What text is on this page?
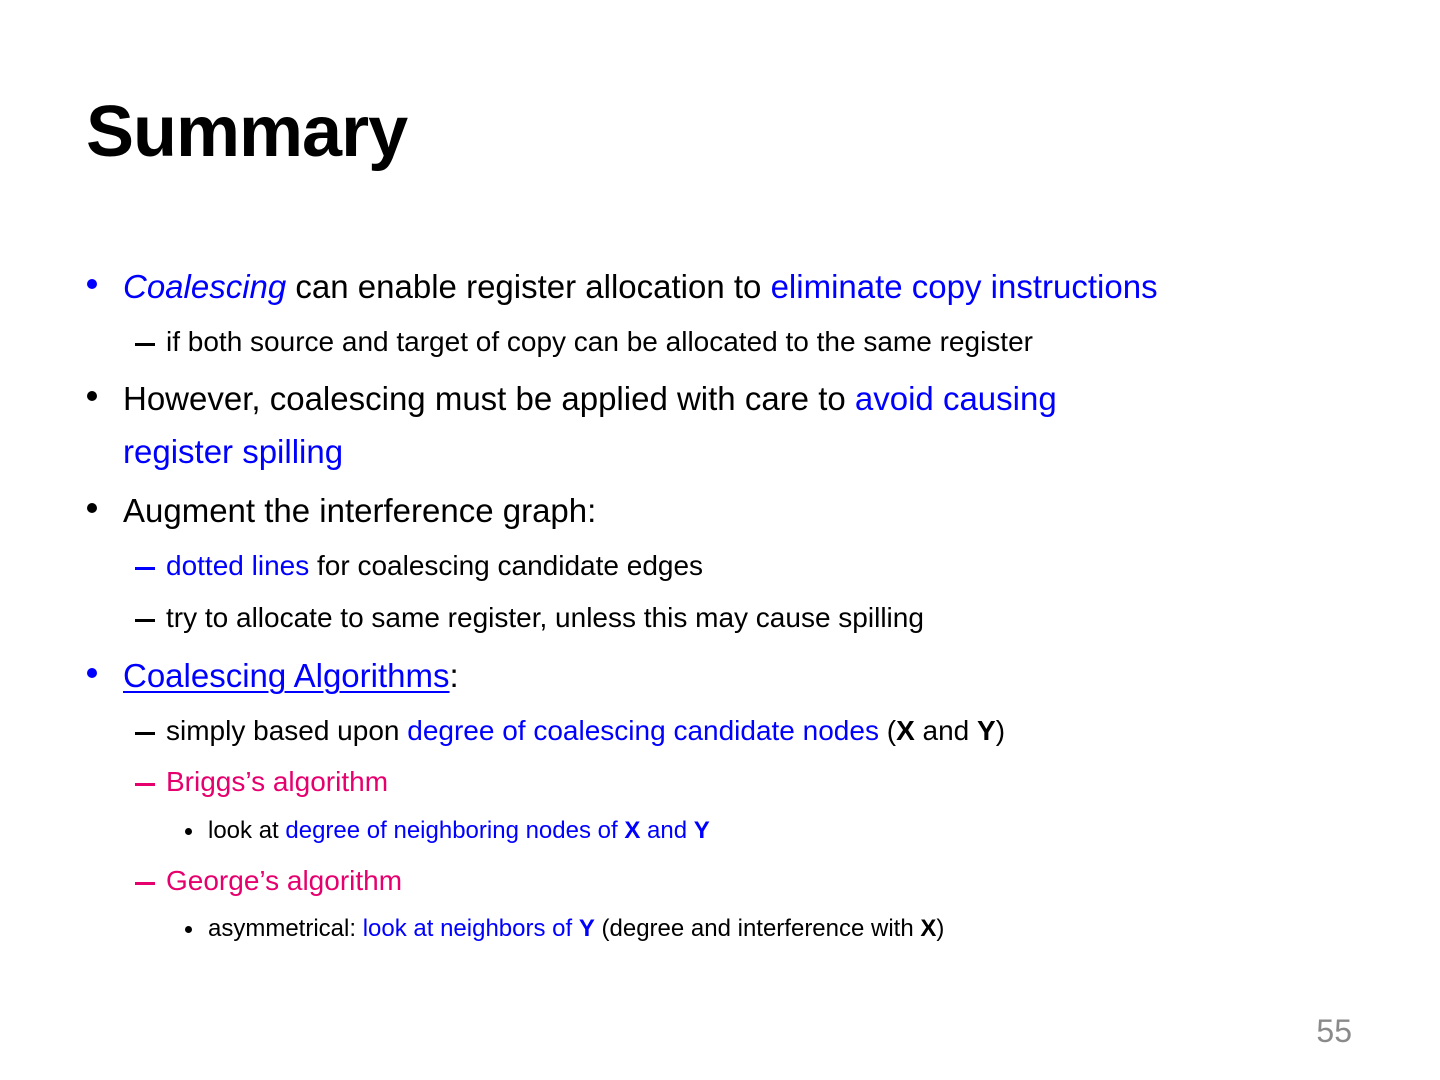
Summary
Coalescing can enable register allocation to eliminate copy instructions
if both source and target of copy can be allocated to the same register
However, coalescing must be applied with care to avoid causing
register spilling
Augment the interference graph:
dotted lines for coalescing candidate edges
try to allocate to same register, unless this may cause spilling
Coalescing Algorithms:
simply based upon degree of coalescing candidate nodes (X and Y)
Briggs’s algorithm
look at degree of neighboring nodes of X and Y
George’s algorithm
asymmetrical: look at neighbors of Y (degree and interference with X)
55
